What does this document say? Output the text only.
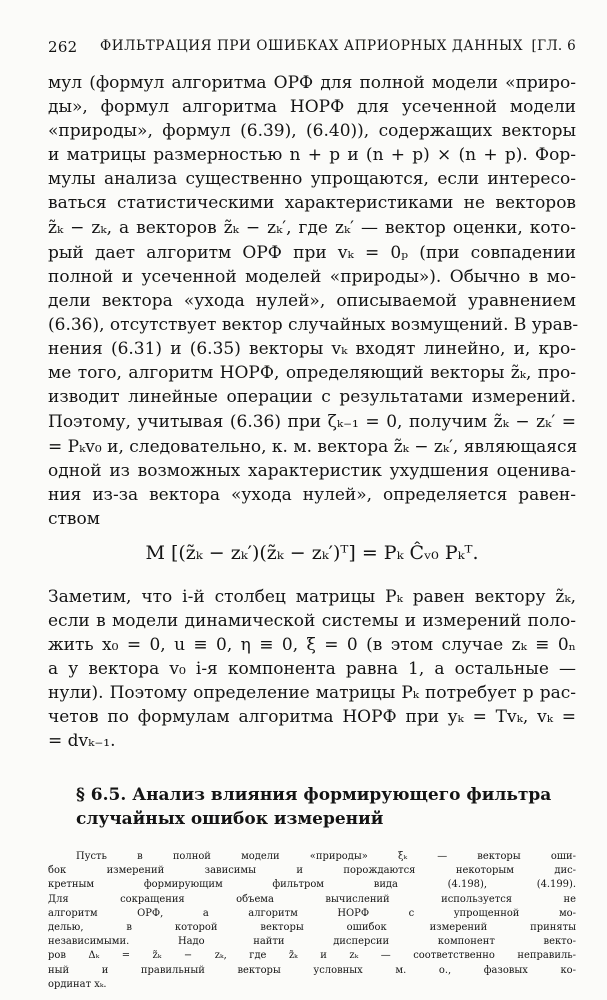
262 ФИЛЬТРАЦИЯ ПРИ ОШИБКАХ АПРИОРНЫХ ДАННЫХ [ГЛ. 6
мул (формул алгоритма ОРФ для полной модели «приро-
ды», формул алгоритма НОРФ для усеченной модели
«природы», формул (6.39), (6.40)), содержащих векторы
и матрицы размерностью n + p и (n + p) × (n + p). Фор-
мулы анализа существенно упрощаются, если интересо-
ваться статистическими характеристиками не векторов
z̃ₖ − zₖ, а векторов z̃ₖ − zₖ′, где zₖ′ — вектор оценки, кото-
рый дает алгоритм ОРФ при vₖ = 0ₚ (при совпадении
полной и усеченной моделей «природы»). Обычно в мо-
дели вектора «ухода нулей», описываемой уравнением
(6.36), отсутствует вектор случайных возмущений. В урав-
нения (6.31) и (6.35) векторы vₖ входят линейно, и, кро-
ме того, алгоритм НОРФ, определяющий векторы z̃ₖ, про-
изводит линейные операции с результатами измерений.
Поэтому, учитывая (6.36) при ζₖ₋₁ = 0, получим z̃ₖ − zₖ′ =
= Pₖv₀ и, следовательно, к. м. вектора z̃ₖ − zₖ′, являющаяся
одной из возможных характеристик ухудшения оценива-
ния из-за вектора «ухода нулей», определяется равен-
ством
M [(z̃ₖ − zₖ′)(z̃ₖ − zₖ′)ᵀ] = Pₖ Ĉᵥ₀ Pₖᵀ.
Заметим, что i-й столбец матрицы Pₖ равен вектору z̃ₖ,
если в модели динамической системы и измерений поло-
жить x₀ = 0, u ≡ 0, η ≡ 0, ξ = 0 (в этом случае zₖ ≡ 0ₙ
а у вектора v₀ i-я компонента равна 1, а остальные —
нули). Поэтому определение матрицы Pₖ потребует p рас-
четов по формулам алгоритма НОРФ при yₖ = Tvₖ, vₖ =
= dvₖ₋₁.
§ 6.5. Анализ влияния формирующего фильтра
случайных ошибок измерений
Пусть в полной модели «природы» ξₖ — векторы оши-
бок измерений зависимы и порождаются некоторым дис-
кретным формирующим фильтром вида (4.198), (4.199).
Для сокращения объема вычислений используется не
алгоритм ОРФ, а алгоритм НОРФ с упрощенной мо-
делью, в которой векторы ошибок измерений приняты
независимыми. Надо найти дисперсии компонент векто-
ров Δₖ = z̃ₖ − zₖ, где z̃ₖ и zₖ — соответственно неправиль-
ный и правильный векторы условных м. о., фазовых ко-
ординат xₖ.
